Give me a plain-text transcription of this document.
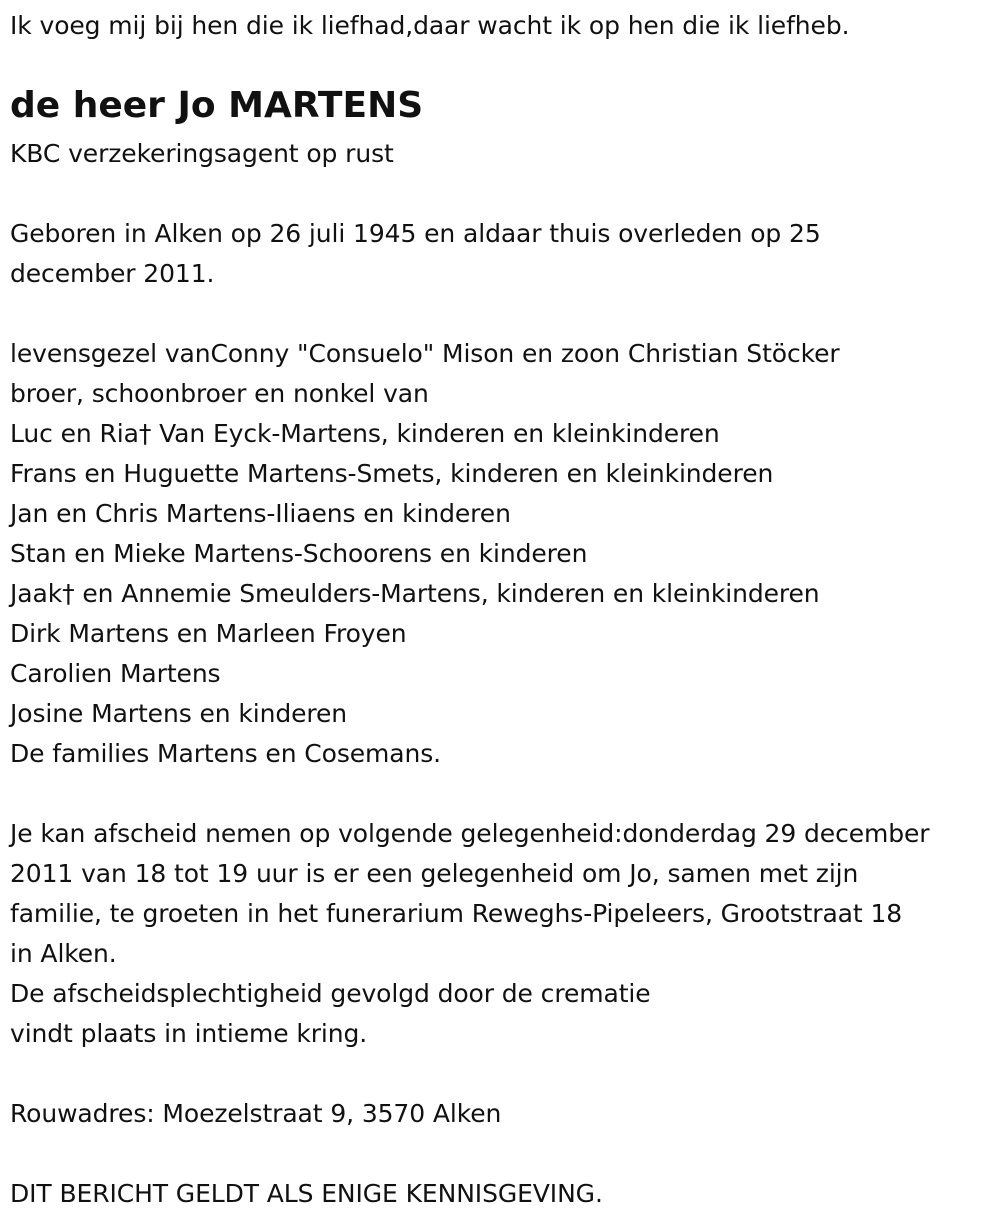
Ik voeg mij bij hen die ik liefhad,daar wacht ik op hen die ik liefheb.
de heer Jo MARTENS
KBC verzekeringsagent op rust
Geboren in Alken op 26 juli 1945 en aldaar thuis overleden op 25
december 2011.
levensgezel vanConny "Consuelo" Mison en zoon Christian Stöcker
broer, schoonbroer en nonkel van
Luc en Ria† Van Eyck-Martens, kinderen en kleinkinderen
Frans en Huguette Martens-Smets, kinderen en kleinkinderen
Jan en Chris Martens-Iliaens en kinderen
Stan en Mieke Martens-Schoorens en kinderen
Jaak† en Annemie Smeulders-Martens, kinderen en kleinkinderen
Dirk Martens en Marleen Froyen
Carolien Martens
Josine Martens en kinderen
De families Martens en Cosemans.
Je kan afscheid nemen op volgende gelegenheid:donderdag 29 december
2011 van 18 tot 19 uur is er een gelegenheid om Jo, samen met zijn
familie, te groeten in het funerarium Reweghs-Pipeleers, Grootstraat 18
in Alken.
De afscheidsplechtigheid gevolgd door de crematie
vindt plaats in intieme kring.
Rouwadres: Moezelstraat 9, 3570 Alken
DIT BERICHT GELDT ALS ENIGE KENNISGEVING.
